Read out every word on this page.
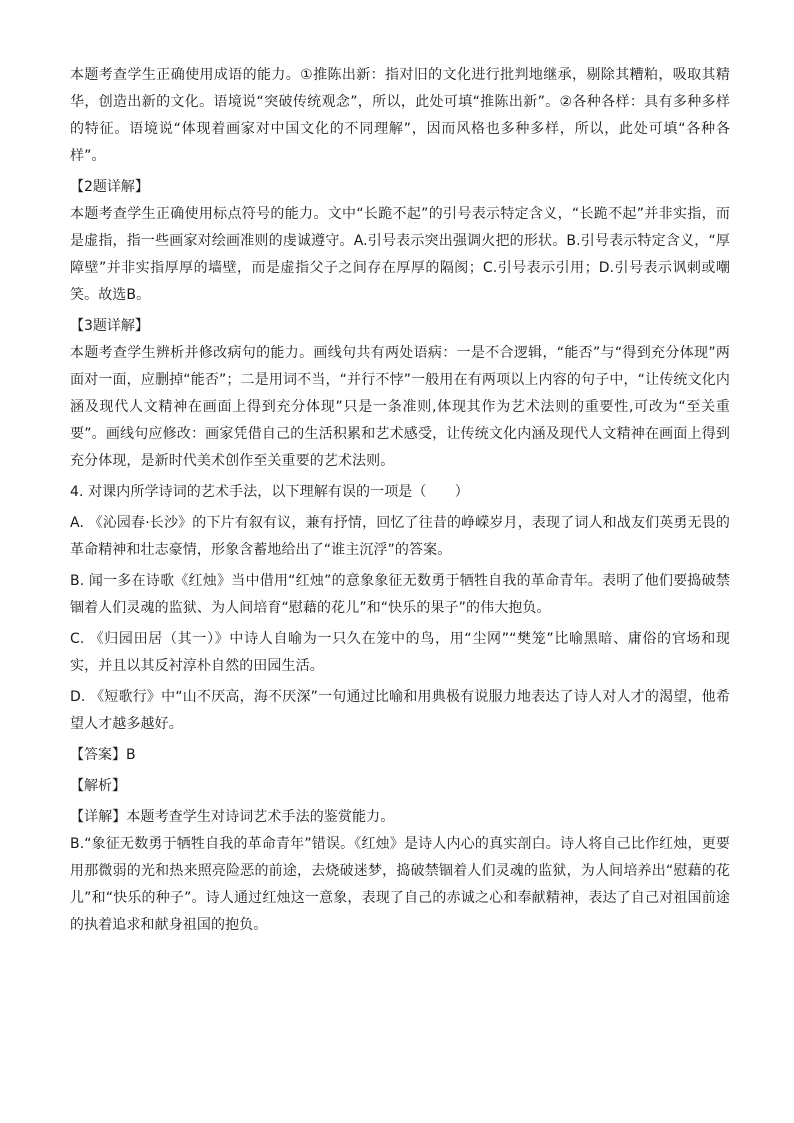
本题考查学生正确使用成语的能力。①推陈出新：指对旧的文化进行批判地继承，剔除其糟粕，吸取其精华，创造出新的文化。语境说“突破传统观念”，所以，此处可填“推陈出新”。②各种各样：具有多种多样的特征。语境说“体现着画家对中国文化的不同理解”，因而风格也多种多样，所以，此处可填“各种各样”。

【2题详解】

本题考查学生正确使用标点符号的能力。文中“长跪不起”的引号表示特定含义，“长跪不起”并非实指，而是虚指，指一些画家对绘画准则的虔诚遵守。A.引号表示突出强调火把的形状。B.引号表示特定含义，“厚障壁”并非实指厚厚的墙壁，而是虚指父子之间存在厚厚的隔阂；C.引号表示引用；D.引号表示讽刺或嘲笑。故选B。

【3题详解】

本题考查学生辨析并修改病句的能力。画线句共有两处语病：一是不合逻辑，“能否”与“得到充分体现”两面对一面，应删掉“能否”；二是用词不当，“并行不悖”一般用在有两项以上内容的句子中，“让传统文化内涵及现代人文精神在画面上得到充分体现”只是一条准则,体现其作为艺术法则的重要性,可改为“至关重要”。画线句应修改：画家凭借自己的生活积累和艺术感受，让传统文化内涵及现代人文精神在画面上得到充分体现，是新时代美术创作至关重要的艺术法则。

4. 对课内所学诗词的艺术手法，以下理解有误的一项是（　　）

A. 《沁园春·长沙》的下片有叙有议，兼有抒情，回忆了往昔的峥嵘岁月，表现了词人和战友们英勇无畏的革命精神和壮志豪情，形象含蓄地给出了“谁主沉浮”的答案。

B. 闻一多在诗歌《红烛》当中借用“红烛”的意象象征无数勇于牺牲自我的革命青年。表明了他们要捣破禁锢着人们灵魂的监狱、为人间培育“慰藉的花儿”和“快乐的果子”的伟大抱负。

C. 《归园田居（其一）》中诗人自喻为一只久在笼中的鸟，用“尘网”“樊笼”比喻黑暗、庸俗的官场和现实，并且以其反衬淳朴自然的田园生活。

D. 《短歌行》中“山不厌高，海不厌深”一句通过比喻和用典极有说服力地表达了诗人对人才的渴望，他希望人才越多越好。

【答案】B

【解析】

【详解】本题考查学生对诗词艺术手法的鉴赏能力。

B.“象征无数勇于牺牲自我的革命青年”错误。《红烛》是诗人内心的真实剖白。诗人将自己比作红烛，更要用那微弱的光和热来照亮险恶的前途，去烧破迷梦，捣破禁锢着人们灵魂的监狱，为人间培养出“慰藉的花儿”和“快乐的种子”。诗人通过红烛这一意象，表现了自己的赤诚之心和奉献精神，表达了自己对祖国前途的执着追求和献身祖国的抱负。
